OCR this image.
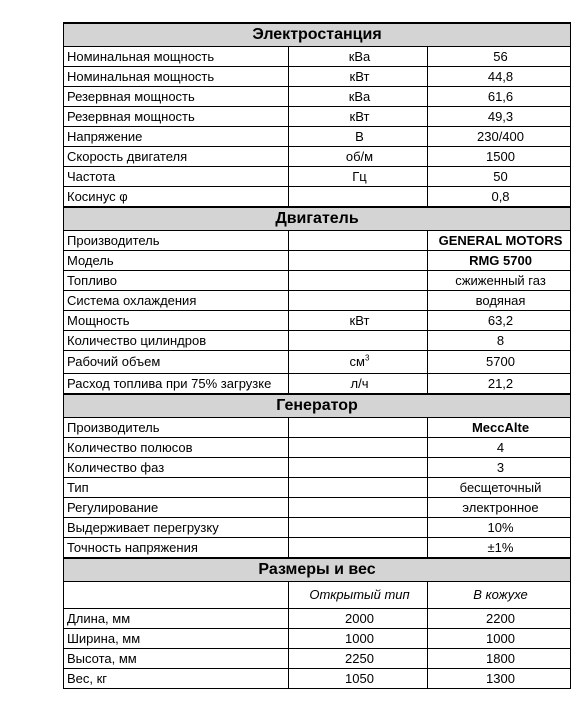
Электростанция		
Номинальная мощность	кВа	56
Номинальная мощность	кВт	44,8
Резервная мощность	кВа	61,6
Резервная мощность	кВт	49,3
Напряжение	В	230/400
Скорость двигателя	об/м	1500
Частота	Гц	50
Косинус φ		0,8
Двигатель		
Производитель		GENERAL MOTORS
Модель		RMG 5700
Топливо		сжиженный газ
Система охлаждения		водяная
Мощность	кВт	63,2
Количество цилиндров		8
Рабочий объем	$см^3$	5700
Расход топлива при 75% загрузке	л/ч	21,2
Генератор		
Производитель		MeccAlte
Количество полюсов		4
Количество фаз		3
Тип		бесщеточный
Регулирование		электронное
Выдерживает перегрузку		10%
Точность напряжения		±1%
Размеры и вес		
	Открытый тип	В кожухе
Длина, мм	2000	2200
Ширина, мм	1000	1000
Высота, мм	2250	1800
Вес, кг	1050	1300
